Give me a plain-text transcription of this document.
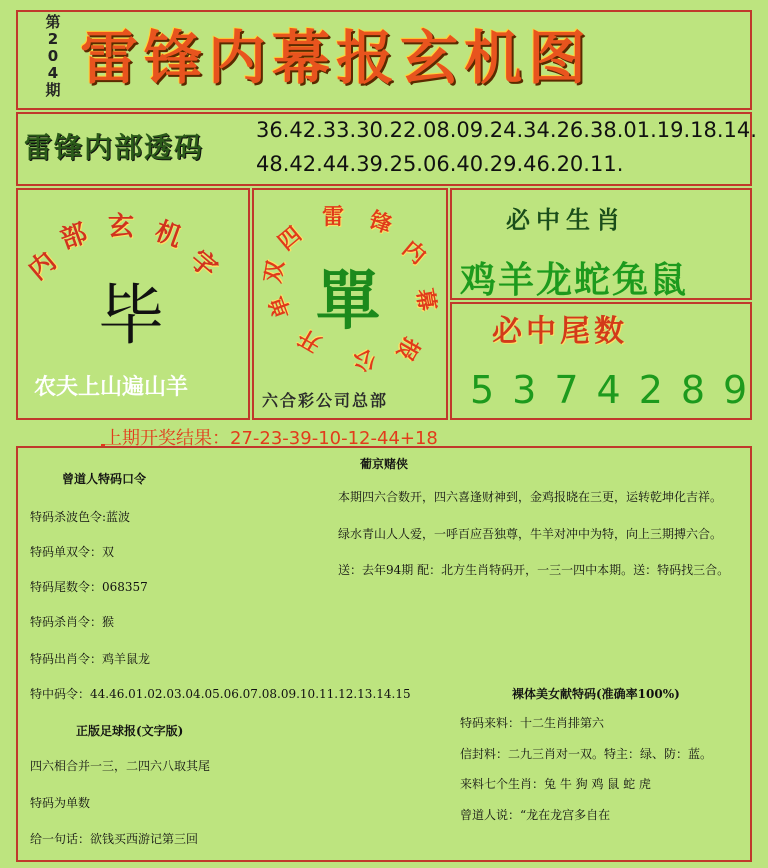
第
2
0
4
期 雷锋内幕报玄机图
雷锋内部透码
36.42.33.30.22.08.09.24.34.26.38.01.19.18.14.
48.42.44.39.25.06.40.29.46.20.11.
内
部 玄 机
字
毕
农夫上山遍山羊
雷 锋
内
幕
报
公
开
单
双
四
單
六合彩公司总部
必中生肖
鸡羊龙蛇兔鼠
必中尾数
5374289
上期开奖结果：27-23-39-10-12-44+18
曾道人特码口令
特码杀波色令:蓝波
特码单双令：双
特码尾数令：068357
特码杀肖令：猴
特码出肖令：鸡羊鼠龙
特中码令：44.46.01.02.03.04.05.06.07.08.09.10.11.12.13.14.15
正版足球报(文字版)
四六相合并一三，二四六八取其尾
特码为单数
给一句话：欲钱买西游记第三回
葡京赌侠
本期四六合数开，四六喜逢财神到，金鸡报晓在三更，运转乾坤化吉祥。
绿水青山人人爱，一呼百应吾独尊，牛羊对冲中为特，向上三期搏六合。
送：去年94期 配：北方生肖特码开，一三一四中本期。送：特码找三合。
裸体美女献特码(准确率100%)
特码来料：十二生肖排第六
信封料：二九三肖对一双。特主：绿、防：蓝。
来料七个生肖：兔 牛 狗 鸡 鼠 蛇 虎
曾道人说：“龙在龙宫多自在
